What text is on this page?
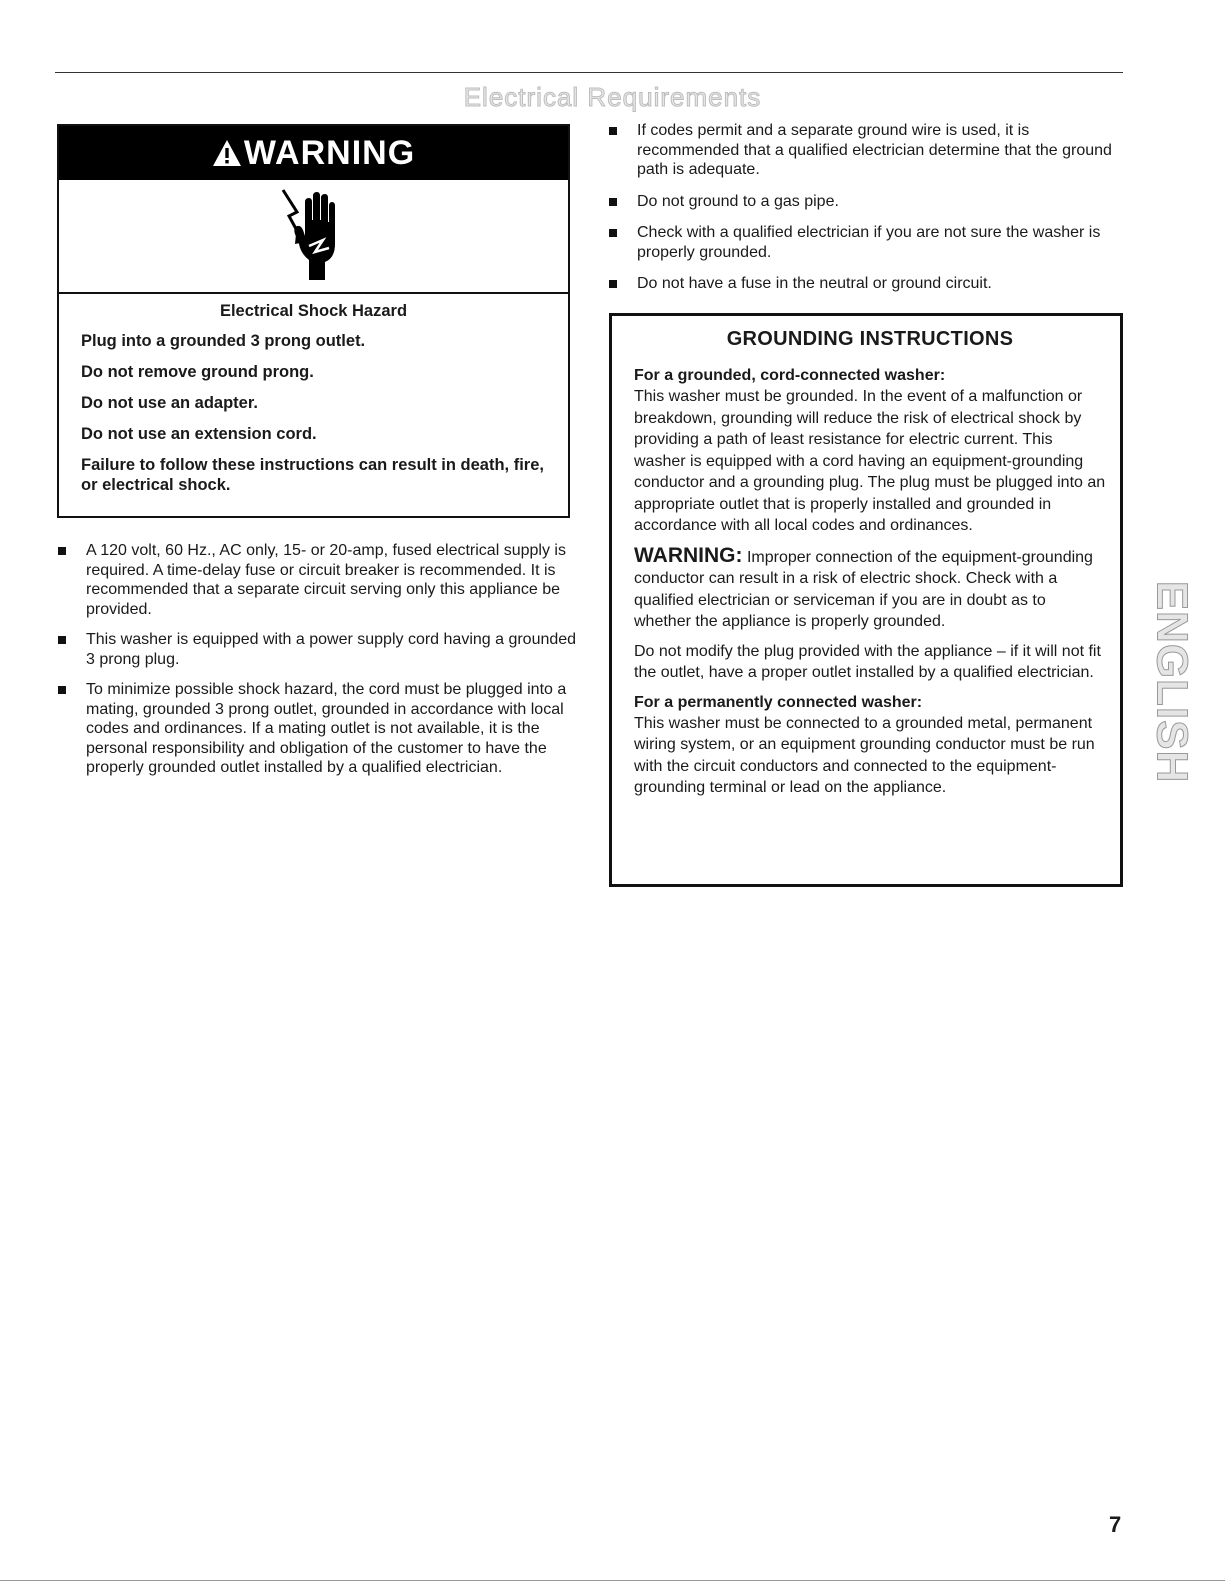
Electrical Requirements
WARNING

Electrical Shock Hazard

Plug into a grounded 3 prong outlet.

Do not remove ground prong.

Do not use an adapter.

Do not use an extension cord.

Failure to follow these instructions can result in death, fire, or electrical shock.

A 120 volt, 60 Hz., AC only, 15- or 20-amp, fused electrical supply is required. A time-delay fuse or circuit breaker is recommended. It is recommended that a separate circuit serving only this appliance be provided.
This washer is equipped with a power supply cord having a grounded 3 prong plug.
To minimize possible shock hazard, the cord must be plugged into a mating, grounded 3 prong outlet, grounded in accordance with local codes and ordinances. If a mating outlet is not available, it is the personal responsibility and obligation of the customer to have the properly grounded outlet installed by a qualified electrician.
If codes permit and a separate ground wire is used, it is recommended that a qualified electrician determine that the ground path is adequate.
Do not ground to a gas pipe.
Check with a qualified electrician if you are not sure the washer is properly grounded.
Do not have a fuse in the neutral or ground circuit.

GROUNDING INSTRUCTIONS

For a grounded, cord-connected washer:

This washer must be grounded. In the event of a malfunction or breakdown, grounding will reduce the risk of electrical shock by providing a path of least resistance for electric current. This washer is equipped with a cord having an equipment-grounding conductor and a grounding plug. The plug must be plugged into an appropriate outlet that is properly installed and grounded in accordance with all local codes and ordinances.

WARNING: Improper connection of the equipment-grounding conductor can result in a risk of electric shock. Check with a qualified electrician or serviceman if you are in doubt as to whether the appliance is properly grounded.

Do not modify the plug provided with the appliance – if it will not fit the outlet, have a proper outlet installed by a qualified electrician.

For a permanently connected washer:

This washer must be connected to a grounded metal, permanent wiring system, or an equipment grounding conductor must be run with the circuit conductors and connected to the equipment-grounding terminal or lead on the appliance.

ENGLISH
7
